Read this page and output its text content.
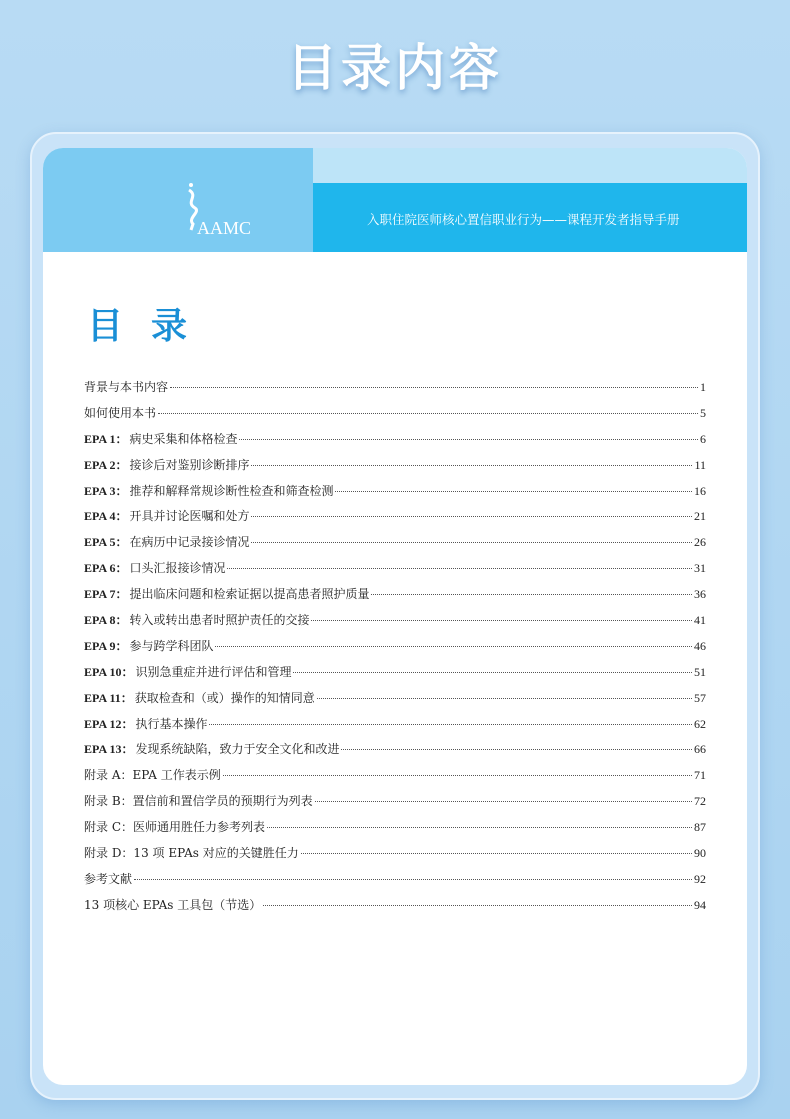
目录内容
AAMC	入职住院医师核心置信职业行为——课程开发者指导手册
目录
背景与本书内容	1
如何使用本书	5
EPA 1： 病史采集和体格检查	6
EPA 2： 接诊后对鉴别诊断排序	11
EPA 3： 推荐和解释常规诊断性检查和筛查检测	16
EPA 4： 开具并讨论医嘱和处方	21
EPA 5： 在病历中记录接诊情况	26
EPA 6： 口头汇报接诊情况	31
EPA 7： 提出临床问题和检索证据以提高患者照护质量	36
EPA 8： 转入或转出患者时照护责任的交接	41
EPA 9： 参与跨学科团队	46
EPA 10： 识别急重症并进行评估和管理	51
EPA 11： 获取检查和（或）操作的知情同意	57
EPA 12： 执行基本操作	62
EPA 13： 发现系统缺陷，致力于安全文化和改进	66
附录 A：EPA 工作表示例	71
附录 B：置信前和置信学员的预期行为列表	72
附录 C：医师通用胜任力参考列表	87
附录 D：13 项 EPAs 对应的关键胜任力	90
参考文献	92
13 项核心 EPAs 工具包（节选）	94
